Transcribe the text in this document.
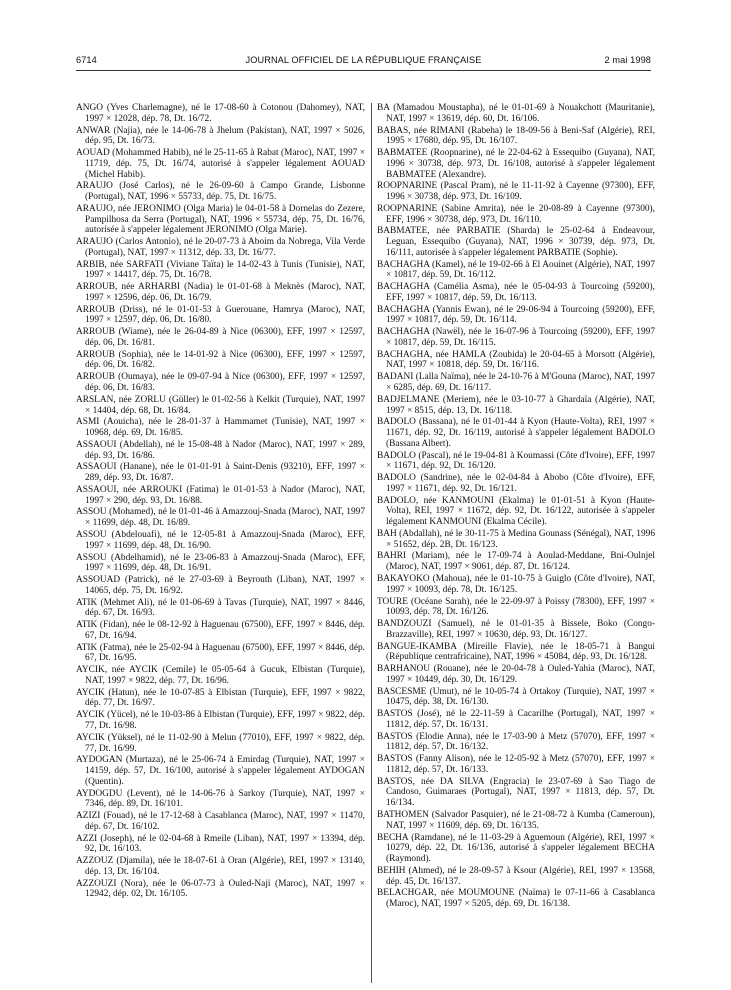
6714	JOURNAL OFFICIEL DE LA RÉPUBLIQUE FRANÇAISE	2 mai 1998

ANGO (Yves Charlemagne), né le 17-08-60 à Cotonou (Dahomey), NAT, 1997 × 12028, dép. 78, Dt. 16/72.

ANWAR (Najia), née le 14-06-78 à Jhelum (Pakistan), NAT, 1997 × 5026, dép. 95, Dt. 16/73.

AOUAD (Mohammed Habib), né le 25-11-65 à Rabat (Maroc), NAT, 1997 × 11719, dép. 75, Dt. 16/74, autorisé à s'appeler légalement AOUAD (Michel Habib).

ARAUJO (José Carlos), né le 26-09-60 à Campo Grande, Lisbonne (Portugal), NAT, 1996 × 55733, dép. 75, Dt. 16/75.

ARAUJO, née JERONIMO (Olga Maria) le 04-01-58 à Dornelas do Zezere, Pampilhosa da Serra (Portugal), NAT, 1996 × 55734, dép. 75, Dt. 16/76, autorisée à s'appeler légalement JERONIMO (Olga Marie).

ARAUJO (Carlos Antonio), né le 20-07-73 à Aboim da Nobrega, Vila Verde (Portugal), NAT, 1997 × 11312, dép. 33, Dt. 16/77.

ARBIB, née SARFATI (Viviane Taïta) le 14-02-43 à Tunis (Tunisie), NAT, 1997 × 14417, dép. 75, Dt. 16/78.

ARROUB, née ARHARBI (Nadia) le 01-01-68 à Meknès (Maroc), NAT, 1997 × 12596, dép. 06, Dt. 16/79.

ARROUB (Driss), né le 01-01-53 à Guerouane, Hamrya (Maroc), NAT, 1997 × 12597, dép. 06, Dt. 16/80.

ARROUB (Wiame), née le 26-04-89 à Nice (06300), EFF, 1997 × 12597, dép. 06, Dt. 16/81.

ARROUB (Sophia), née le 14-01-92 à Nice (06300), EFF, 1997 × 12597, dép. 06, Dt. 16/82.

ARROUB (Oumaya), née le 09-07-94 à Nice (06300), EFF, 1997 × 12597, dép. 06, Dt. 16/83.

ARSLAN, née ZORLU (Güller) le 01-02-56 à Kelkit (Turquie), NAT, 1997 × 14404, dép. 68, Dt. 16/84.

ASMI (Aouicha), née le 28-01-37 à Hammamet (Tunisie), NAT, 1997 × 10968, dép. 69, Dt. 16/85.

ASSAOUI (Abdellah), né le 15-08-48 à Nador (Maroc), NAT, 1997 × 289, dép. 93, Dt. 16/86.

ASSAOUI (Hanane), née le 01-01-91 à Saint-Denis (93210), EFF, 1997 × 289, dép. 93, Dt. 16/87.

ASSAOUI, née ARROUKI (Fatima) le 01-01-53 à Nador (Maroc), NAT, 1997 × 290, dép. 93, Dt. 16/88.

ASSOU (Mohamed), né le 01-01-46 à Amazzouj-Snada (Maroc), NAT, 1997 × 11699, dép. 48, Dt. 16/89.

ASSOU (Abdelouafi), né le 12-05-81 à Amazzouj-Snada (Maroc), EFF, 1997 × 11699, dép. 48, Dt. 16/90.

ASSOU (Abdelhamid), né le 23-06-83 à Amazzouj-Snada (Maroc), EFF, 1997 × 11699, dép. 48, Dt. 16/91.

ASSOUAD (Patrick), né le 27-03-69 à Beyrouth (Liban), NAT, 1997 × 14065, dép. 75, Dt. 16/92.

ATIK (Mehmet Ali), né le 01-06-69 à Tavas (Turquie), NAT, 1997 × 8446, dép. 67, Dt. 16/93.

ATIK (Fidan), née le 08-12-92 à Haguenau (67500), EFF, 1997 × 8446, dép. 67, Dt. 16/94.

ATIK (Fatma), née le 25-02-94 à Haguenau (67500), EFF, 1997 × 8446, dép. 67, Dt. 16/95.

AYCIK, née AYCIK (Cemile) le 05-05-64 à Gucuk, Elbistan (Turquie), NAT, 1997 × 9822, dép. 77, Dt. 16/96.

AYCIK (Hatun), née le 10-07-85 à Elbistan (Turquie), EFF, 1997 × 9822, dép. 77, Dt. 16/97.

AYCIK (Yücel), né le 10-03-86 à Elbistan (Turquie), EFF, 1997 × 9822, dép. 77, Dt. 16/98.

AYCIK (Yüksel), né le 11-02-90 à Melun (77010), EFF, 1997 × 9822, dép. 77, Dt. 16/99.

AYDOGAN (Murtaza), né le 25-06-74 à Emirdag (Turquie), NAT, 1997 × 14159, dép. 57, Dt. 16/100, autorisé à s'appeler légalement AYDOGAN (Quentin).

AYDOGDU (Levent), né le 14-06-76 à Sarkoy (Turquie), NAT, 1997 × 7346, dép. 89, Dt. 16/101.

AZIZI (Fouad), né le 17-12-68 à Casablanca (Maroc), NAT, 1997 × 11470, dép. 67, Dt. 16/102.

AZZI (Joseph), né le 02-04-68 à Rmeile (Liban), NAT, 1997 × 13394, dép. 92, Dt. 16/103.

AZZOUZ (Djamila), née le 18-07-61 à Oran (Algérie), REI, 1997 × 13140, dép. 13, Dt. 16/104.

AZZOUZI (Nora), née le 06-07-73 à Ouled-Naji (Maroc), NAT, 1997 × 12942, dép. 02, Dt. 16/105.

BA (Mamadou Moustapha), né le 01-01-69 à Nouakchott (Mauritanie), NAT, 1997 × 13619, dép. 60, Dt. 16/106.

BABAS, née RIMANI (Rabeha) le 18-09-56 à Beni-Saf (Algérie), REI, 1995 × 17680, dép. 95, Dt. 16/107.

BABMATEE (Roopnarine), né le 22-04-62 à Essequibo (Guyana), NAT, 1996 × 30738, dép. 973, Dt. 16/108, autorisé à s'appeler légalement BABMATEE (Alexandre).

ROOPNARINE (Pascal Pram), né le 11-11-92 à Cayenne (97300), EFF, 1996 × 30738, dép. 973, Dt. 16/109.

ROOPNARINE (Sabine Amrita), née le 20-08-89 à Cayenne (97300), EFF, 1996 × 30738, dép. 973, Dt. 16/110.

BABMATEE, née PARBATIE (Sharda) le 25-02-64 à Endeavour, Leguan, Essequibo (Guyana), NAT, 1996 × 30739, dép. 973, Dt. 16/111, autorisée à s'appeler légalement PARBATIE (Sophie).

BACHAGHA (Kamel), né le 19-02-66 à El Aouinet (Algérie), NAT, 1997 × 10817, dép. 59, Dt. 16/112.

BACHAGHA (Camélia Asma), née le 05-04-93 à Tourcoing (59200), EFF, 1997 × 10817, dép. 59, Dt. 16/113.

BACHAGHA (Yannis Ewan), né le 29-06-94 à Tourcoing (59200), EFF, 1997 × 10817, dép. 59, Dt. 16/114.

BACHAGHA (Nawël), née le 16-07-96 à Tourcoing (59200), EFF, 1997 × 10817, dép. 59, Dt. 16/115.

BACHAGHA, née HAMLA (Zoubida) le 20-04-65 à Morsott (Algérie), NAT, 1997 × 10818, dép. 59, Dt. 16/116.

BADANI (Lalla Naïma), née le 24-10-76 à M'Gouna (Maroc), NAT, 1997 × 6285, dép. 69, Dt. 16/117.

BADJELMANE (Meriem), née le 03-10-77 à Ghardaïa (Algérie), NAT, 1997 × 8515, dép. 13, Dt. 16/118.

BADOLO (Bassana), né le 01-01-44 à Kyon (Haute-Volta), REI, 1997 × 11671, dép. 92, Dt. 16/119, autorisé à s'appeler légalement BADOLO (Bassana Albert).

BADOLO (Pascal), né le 19-04-81 à Koumassi (Côte d'Ivoire), EFF, 1997 × 11671, dép. 92, Dt. 16/120.

BADOLO (Sandrine), née le 02-04-84 à Abobo (Côte d'Ivoire), EFF, 1997 × 11671, dép. 92, Dt. 16/121.

BADOLO, née KANMOUNI (Ekalma) le 01-01-51 à Kyon (Haute-Volta), REI, 1997 × 11672, dép. 92, Dt. 16/122, autorisée à s'appeler légalement KANMOUNI (Ekalma Cécile).

BAH (Abdallah), né le 30-11-75 à Medina Gounass (Sénégal), NAT, 1996 × 51652, dép. 2B, Dt. 16/123.

BAHRI (Mariam), née le 17-09-74 à Aoulad-Meddane, Bni-Oulnjel (Maroc), NAT, 1997 × 9061, dép. 87, Dt. 16/124.

BAKAYOKO (Mahoua), née le 01-10-75 à Guiglo (Côte d'Ivoire), NAT, 1997 × 10093, dép. 78, Dt. 16/125.

TOURE (Océane Sarah), née le 22-09-97 à Poissy (78300), EFF, 1997 × 10093, dép. 78, Dt. 16/126.

BANDZOUZI (Samuel), né le 01-01-35 à Bissele, Boko (Congo-Brazzaville), REI, 1997 × 10630, dép. 93, Dt. 16/127.

BANGUE-IKAMBA (Mireille Flavie), née le 18-05-71 à Bangui (République centrafricaine), NAT, 1996 × 45084, dép. 93, Dt. 16/128.

BARHANOU (Rouane), née le 20-04-78 à Ouled-Yahia (Maroc), NAT, 1997 × 10449, dép. 30, Dt. 16/129.

BASCESME (Umut), né le 10-05-74 à Ortakoy (Turquie), NAT, 1997 × 10475, dép. 38, Dt. 16/130.

BASTOS (José), né le 22-11-59 à Cacarilhe (Portugal), NAT, 1997 × 11812, dép. 57, Dt. 16/131.

BASTOS (Elodie Anna), née le 17-03-90 à Metz (57070), EFF, 1997 × 11812, dép. 57, Dt. 16/132.

BASTOS (Fanny Alison), née le 12-05-92 à Metz (57070), EFF, 1997 × 11812, dép. 57, Dt. 16/133.

BASTOS, née DA SILVA (Engracia) le 23-07-69 à Sao Tiago de Candoso, Guimaraes (Portugal), NAT, 1997 × 11813, dép. 57, Dt. 16/134.

BATHOMEN (Salvador Pasquier), né le 21-08-72 à Kumba (Cameroun), NAT, 1997 × 11609, dép. 69, Dt. 16/135.

BECHA (Ramdane), né le 11-03-29 à Aguemoun (Algérie), REI, 1997 × 10279, dép. 22, Dt. 16/136, autorisé à s'appeler légalement BECHA (Raymond).

BEHIH (Ahmed), né le 28-09-57 à Ksour (Algérie), REI, 1997 × 13568, dép. 45, Dt. 16/137.

BELACHGAR, née MOUMOUNE (Naïma) le 07-11-66 à Casablanca (Maroc), NAT, 1997 × 5205, dép. 69, Dt. 16/138.
